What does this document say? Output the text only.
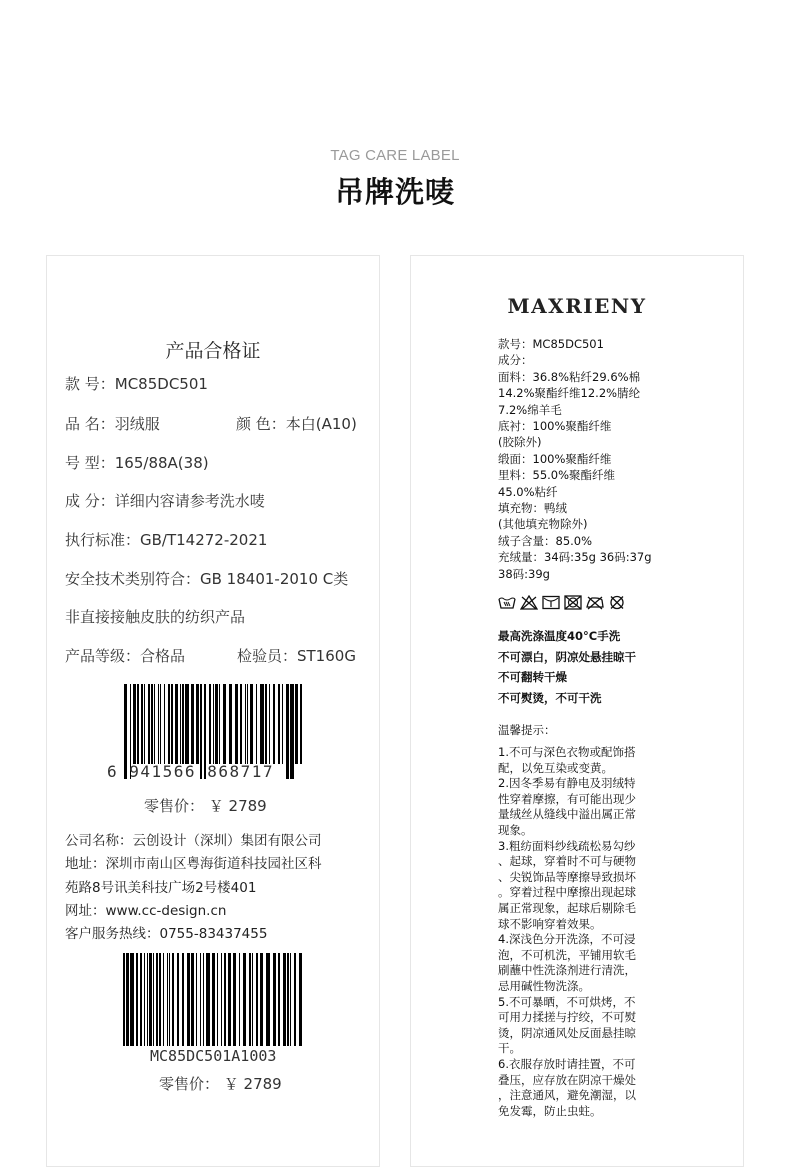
TAG CARE LABEL
吊牌洗唛
产品合格证
款 号：MC85DC501
品 名：羽绒服	颜 色：本白(A10)
号 型：165/88A(38)
成 分：详细内容请参考洗水唛
执行标准：GB/T14272-2021
安全技术类别符合：GB 18401-2010 C类
非直接接触皮肤的纺织产品
产品等级：合格品	检验员：ST160G
6 941566 868717
零售价： ￥ 2789
公司名称：云创设计（深圳）集团有限公司
地址：深圳市南山区粤海街道科技园社区科
苑路8号讯美科技广场2号楼401
网址：www.cc-design.cn
客户服务热线：0755-83437455
MC85DC501A1003
零售价： ￥ 2789
MAXRIENY
款号：MC85DC501
成分：
面料：36.8%粘纤29.6%棉
14.2%聚酯纤维12.2%腈纶
7.2%绵羊毛
底衬：100%聚酯纤维
(胶除外)
缎面：100%聚酯纤维
里料：55.0%聚酯纤维
45.0%粘纤
填充物：鸭绒
(其他填充物除外)
绒子含量：85.0%
充绒量：34码:35g 36码:37g
38码:39g
最高洗涤温度40°C手洗
不可漂白，阴凉处悬挂晾干
不可翻转干燥
不可熨烫，不可干洗
温馨提示：
1.不可与深色衣物或配饰搭
配，以免互染或变黄。
2.因冬季易有静电及羽绒特
性穿着摩擦，有可能出现少
量绒丝从缝线中溢出属正常
现象。
3.粗纺面料纱线疏松易勾纱
、起球，穿着时不可与硬物
、尖锐饰品等摩擦导致损坏
。穿着过程中摩擦出现起球
属正常现象，起球后剔除毛
球不影响穿着效果。
4.深浅色分开洗涤，不可浸
泡，不可机洗，平铺用软毛
刷蘸中性洗涤剂进行清洗，
忌用碱性物洗涤。
5.不可暴晒，不可烘烤，不
可用力揉搓与拧绞，不可熨
烫，阴凉通风处反面悬挂晾
干。
6.衣服存放时请挂置，不可
叠压，应存放在阴凉干燥处
，注意通风，避免潮湿，以
免发霉，防止虫蛀。
